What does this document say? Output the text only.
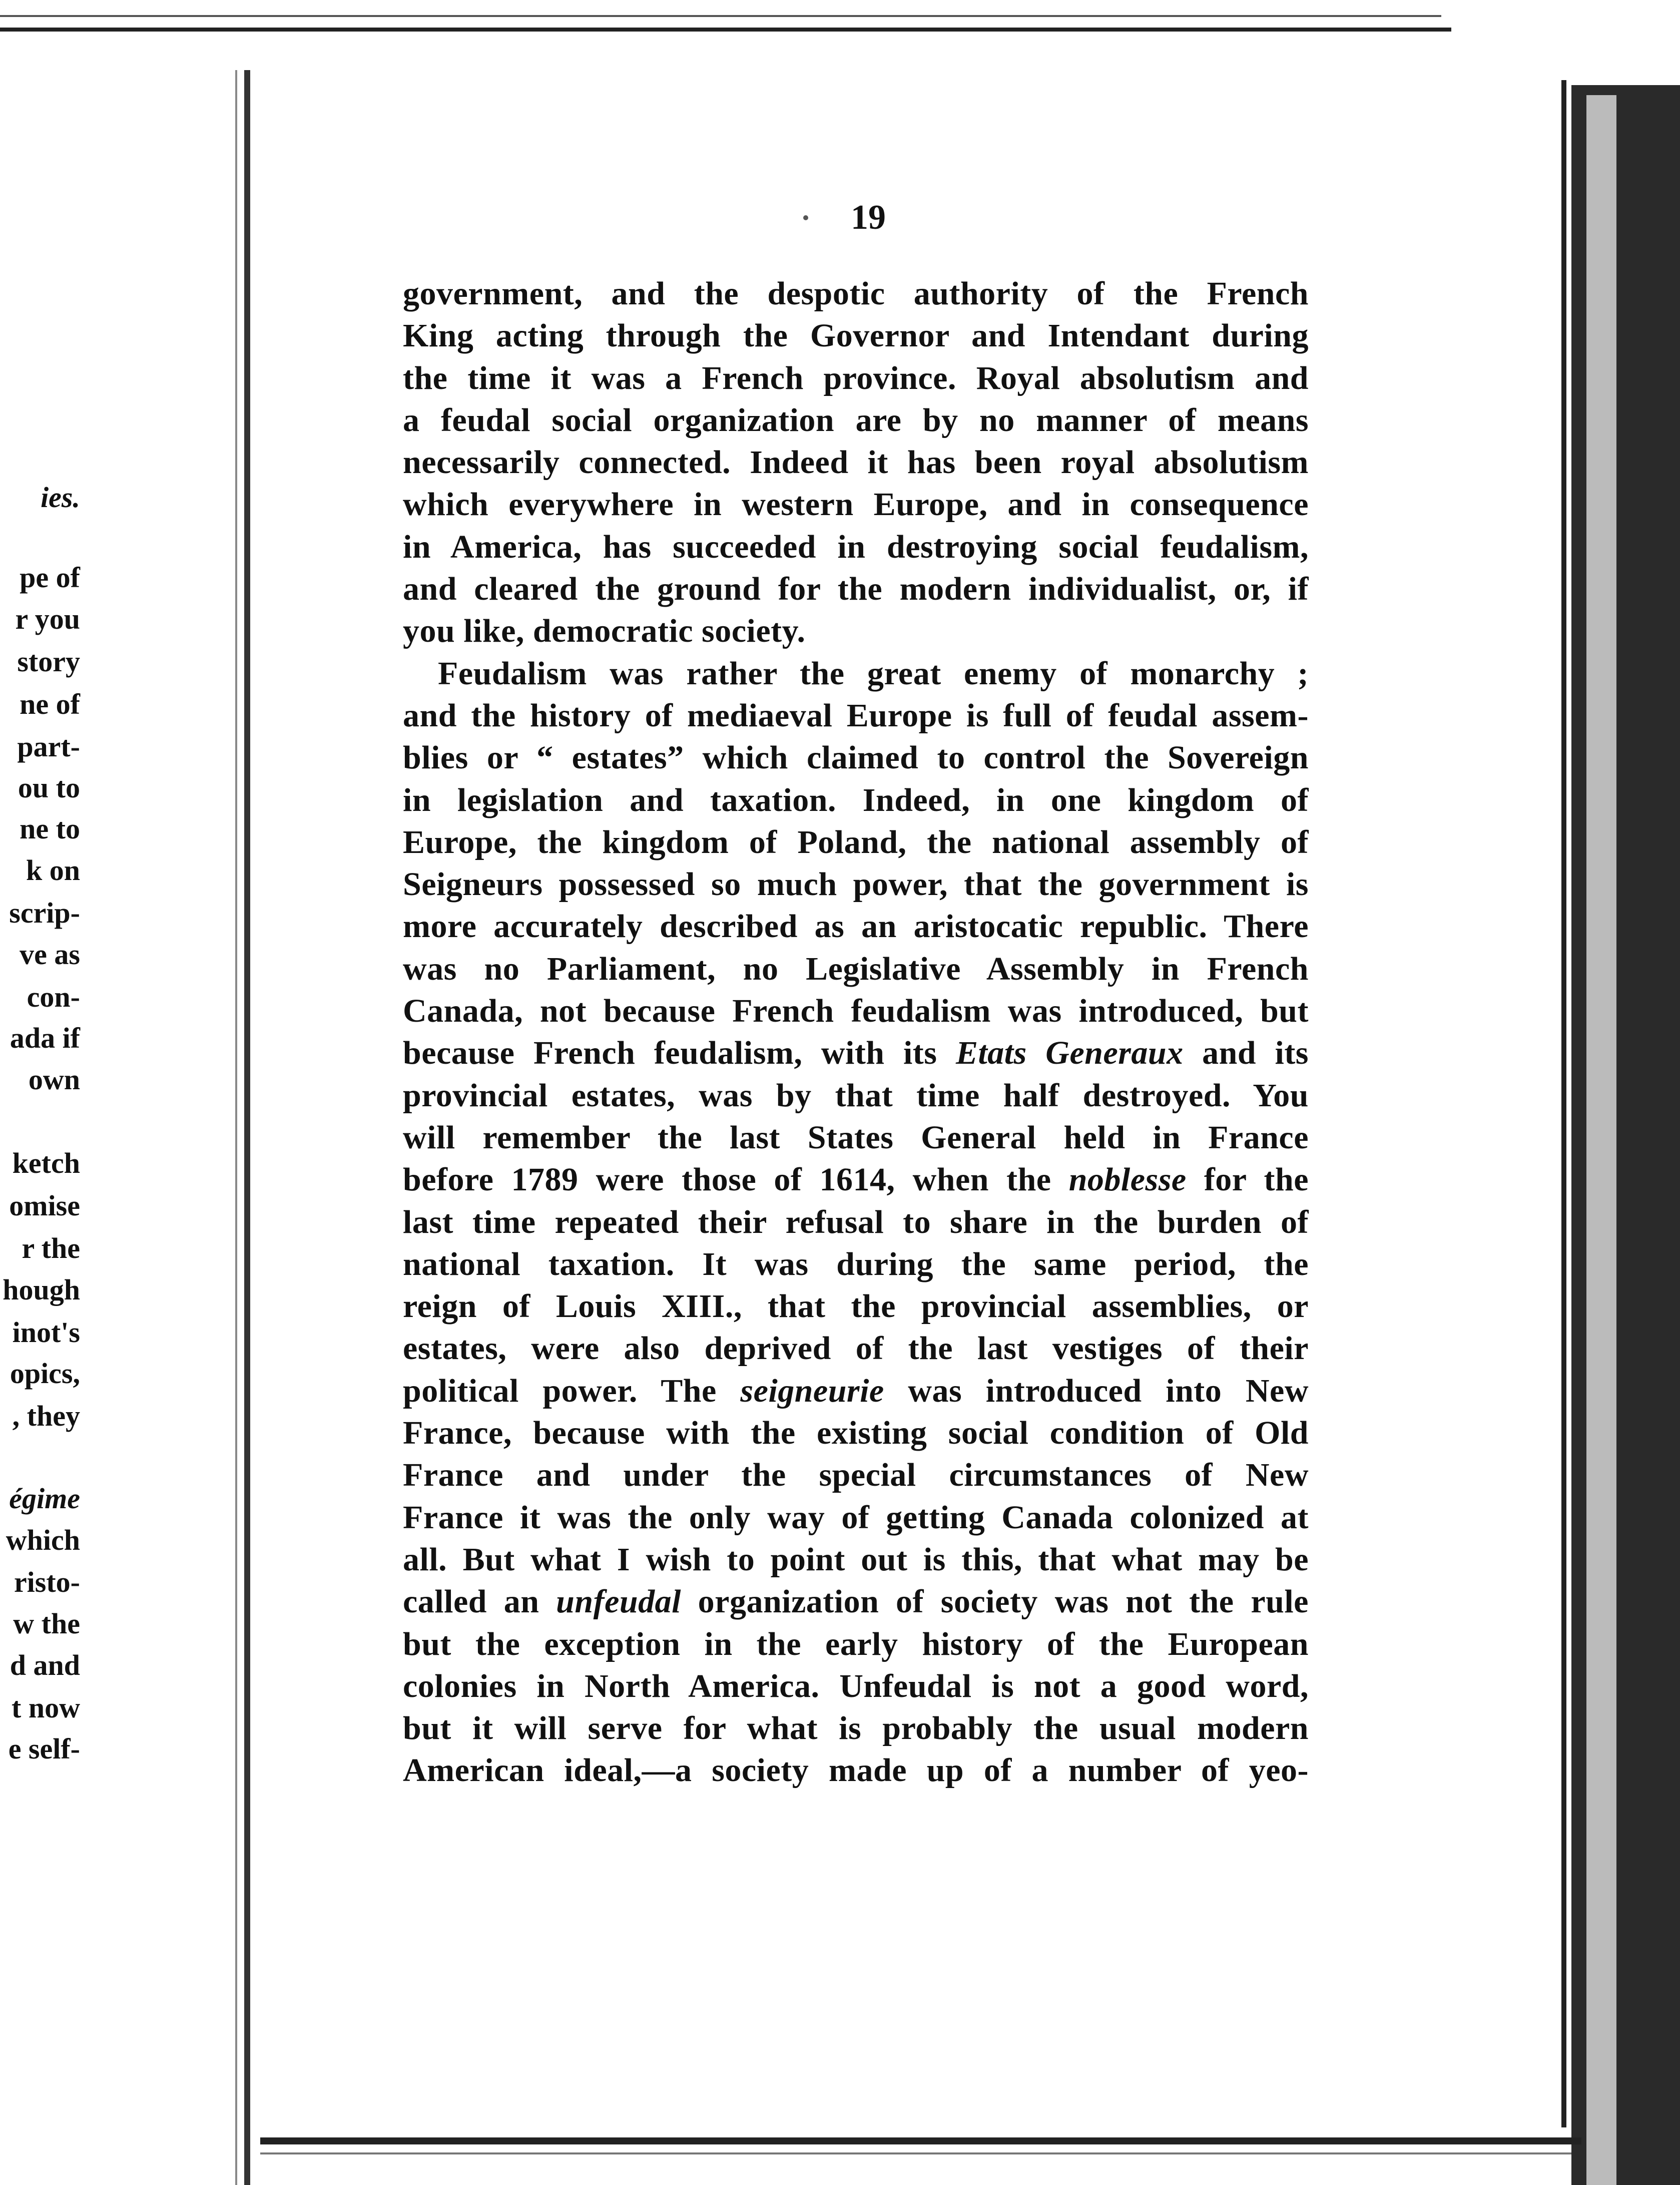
ies.
pe of
r you
story
ne of
part-
ou to
ne to
k on
scrip-
ve as
con-
ada if
own
ketch
omise
r the
hough
inot's
opics,
, they
égime
which
ristо-
w the
d and
t now
e self-
19
government, and the despotic authority of the French
King acting through the Governor and Intendant during
the time it was a French province. Royal absolutism and
a feudal social organization are by no manner of means
necessarily connected. Indeed it has been royal absolutism
which everywhere in western Europe, and in consequence
in America, has succeeded in destroying social feudalism,
and cleared the ground for the modern individualist, or, if
you like, democratic society.
Feudalism was rather the great enemy of monarchy ;
and the history of mediaeval Europe is full of feudal assem-
blies or “ estates” which claimed to control the Sovereign
in legislation and taxation. Indeed, in one kingdom of
Europe, the kingdom of Poland, the national assembly of
Seigneurs possessed so much power, that the government is
more accurately described as an aristocatic republic. There
was no Parliament, no Legislative Assembly in French
Canada, not because French feudalism was introduced, but
because French feudalism, with its Etats Generaux and its
provincial estates, was by that time half destroyed. You
will remember the last States General held in France
before 1789 were those of 1614, when the noblesse for the
last time repeated their refusal to share in the burden of
national taxation. It was during the same period, the
reign of Louis XIII., that the provincial assemblies, or
estates, were also deprived of the last vestiges of their
political power. The seigneurie was introduced into New
France, because with the existing social condition of Old
France and under the special circumstances of New
France it was the only way of getting Canada colonized at
all. But what I wish to point out is this, that what may be
called an unfeudal organization of society was not the rule
but the exception in the early history of the European
colonies in North America. Unfeudal is not a good word,
but it will serve for what is probably the usual modern
American ideal,—a society made up of a number of yeo-
